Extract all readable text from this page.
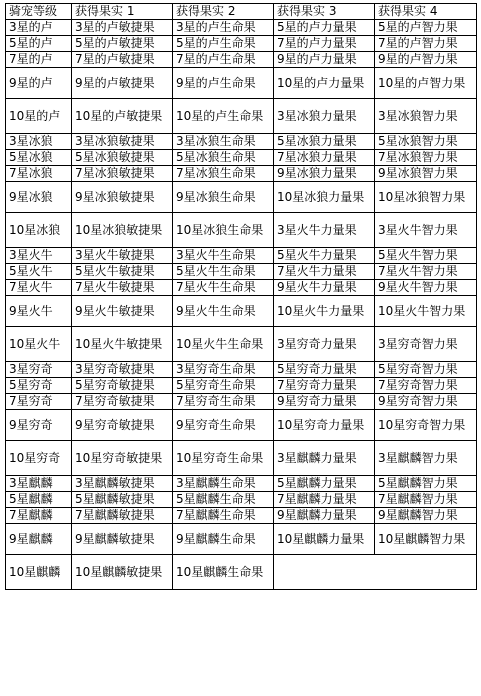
骑宠等级	获得果实 1	获得果实 2	获得果实 3	获得果实 4
3星的卢	3星的卢敏捷果	3星的卢生命果	5星的卢力量果	5星的卢智力果
5星的卢	5星的卢敏捷果	5星的卢生命果	7星的卢力量果	7星的卢智力果
7星的卢	7星的卢敏捷果	7星的卢生命果	9星的卢力量果	9星的卢智力果
9星的卢	9星的卢敏捷果	9星的卢生命果	10星的卢力量果	10星的卢智力果
10星的卢	10星的卢敏捷果	10星的卢生命果	3星冰狼力量果	3星冰狼智力果
3星冰狼	3星冰狼敏捷果	3星冰狼生命果	5星冰狼力量果	5星冰狼智力果
5星冰狼	5星冰狼敏捷果	5星冰狼生命果	7星冰狼力量果	7星冰狼智力果
7星冰狼	7星冰狼敏捷果	7星冰狼生命果	9星冰狼力量果	9星冰狼智力果
9星冰狼	9星冰狼敏捷果	9星冰狼生命果	10星冰狼力量果	10星冰狼智力果
10星冰狼	10星冰狼敏捷果	10星冰狼生命果	3星火牛力量果	3星火牛智力果
3星火牛	3星火牛敏捷果	3星火牛生命果	5星火牛力量果	5星火牛智力果
5星火牛	5星火牛敏捷果	5星火牛生命果	7星火牛力量果	7星火牛智力果
7星火牛	7星火牛敏捷果	7星火牛生命果	9星火牛力量果	9星火牛智力果
9星火牛	9星火牛敏捷果	9星火牛生命果	10星火牛力量果	10星火牛智力果
10星火牛	10星火牛敏捷果	10星火牛生命果	3星穷奇力量果	3星穷奇智力果
3星穷奇	3星穷奇敏捷果	3星穷奇生命果	5星穷奇力量果	5星穷奇智力果
5星穷奇	5星穷奇敏捷果	5星穷奇生命果	7星穷奇力量果	7星穷奇智力果
7星穷奇	7星穷奇敏捷果	7星穷奇生命果	9星穷奇力量果	9星穷奇智力果
9星穷奇	9星穷奇敏捷果	9星穷奇生命果	10星穷奇力量果	10星穷奇智力果
10星穷奇	10星穷奇敏捷果	10星穷奇生命果	3星麒麟力量果	3星麒麟智力果
3星麒麟	3星麒麟敏捷果	3星麒麟生命果	5星麒麟力量果	5星麒麟智力果
5星麒麟	5星麒麟敏捷果	5星麒麟生命果	7星麒麟力量果	7星麒麟智力果
7星麒麟	7星麒麟敏捷果	7星麒麟生命果	9星麒麟力量果	9星麒麟智力果
9星麒麟	9星麒麟敏捷果	9星麒麟生命果	10星麒麟力量果	10星麒麟智力果
10星麒麟	10星麒麟敏捷果	10星麒麟生命果		
